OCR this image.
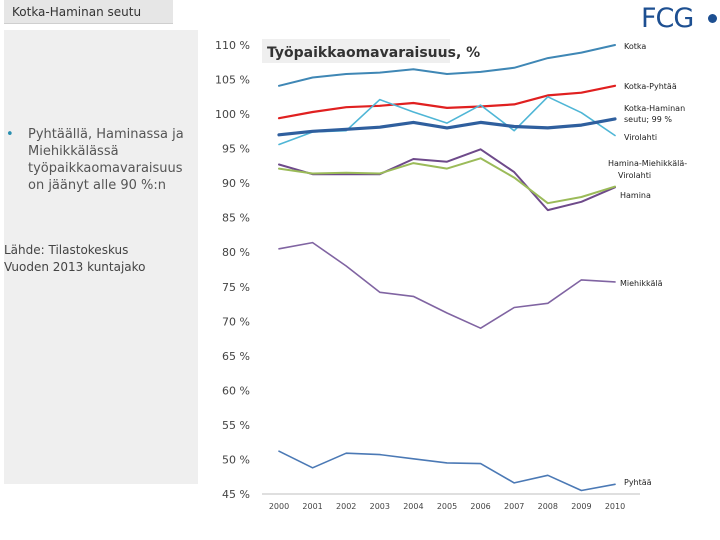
Kotka-Haminan seutu	FCG
•	Pyhtäällä, Haminassa ja Miehikkälässä työpaikkaomavaraisuus on jäänyt alle 90 %:n
Lähde: Tilastokeskus
Vuoden 2013 kuntajako
Työpaikkaomavaraisuus, %
45 %
50 %
55 %
60 %
65 %
70 %
75 %
80 %
85 %
90 %
95 %
100 %
105 %
110 %
2000 2001 2002 2003 2004 2005 2006 2007 2008 2009 2010
Kotka
Kotka-Pyhtää
Kotka-Haminan seutu; 99 %
Virolahti
Hamina-Miehikkälä-Virolahti
Hamina
Miehikkälä
Pyhtää
